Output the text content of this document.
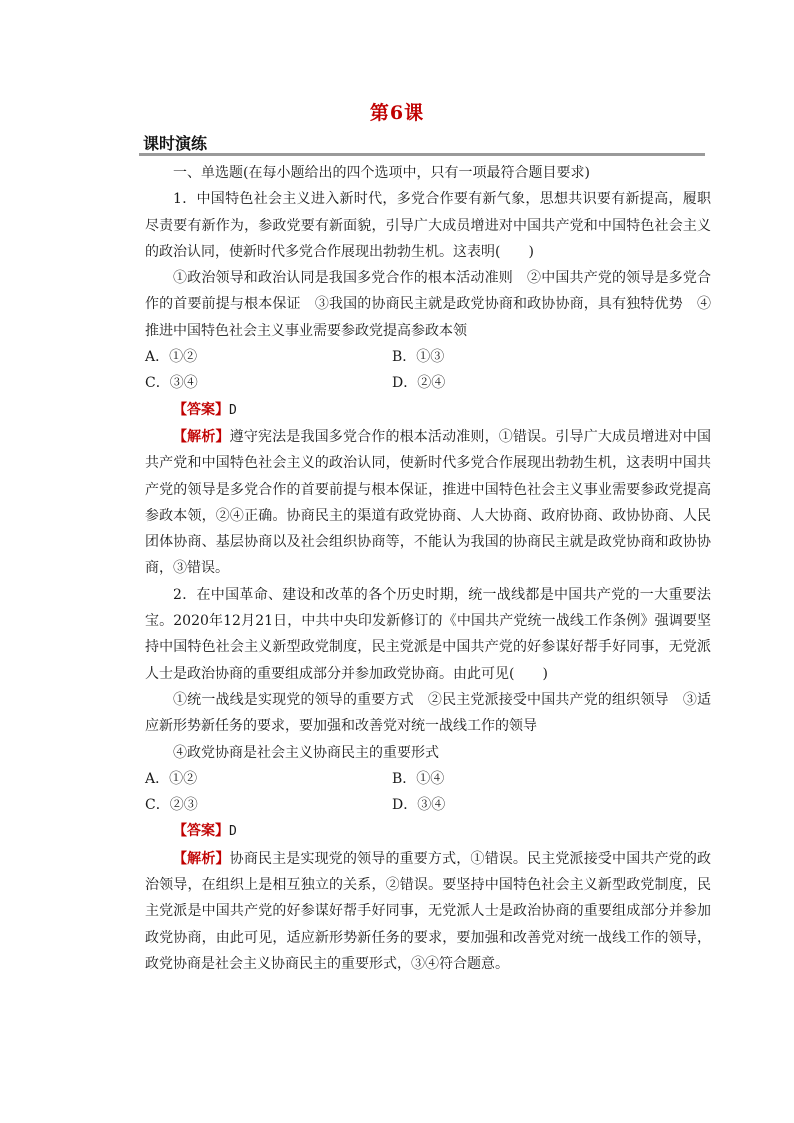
第6课
课时演练

一、单选题(在每小题给出的四个选项中，只有一项最符合题目要求)

1．中国特色社会主义进入新时代，多党合作要有新气象，思想共识要有新提高，履职尽责要有新作为，参政党要有新面貌，引导广大成员增进对中国共产党和中国特色社会主义的政治认同，使新时代多党合作展现出勃勃生机。这表明(　　)

①政治领导和政治认同是我国多党合作的根本活动准则　②中国共产党的领导是多党合作的首要前提与根本保证　③我国的协商民主就是政党协商和政协协商，具有独特优势　④推进中国特色社会主义事业需要参政党提高参政本领

A．①②	B．①③
C．③④	D．②④

【答案】D

【解析】遵守宪法是我国多党合作的根本活动准则，①错误。引导广大成员增进对中国共产党和中国特色社会主义的政治认同，使新时代多党合作展现出勃勃生机，这表明中国共产党的领导是多党合作的首要前提与根本保证，推进中国特色社会主义事业需要参政党提高参政本领，②④正确。协商民主的渠道有政党协商、人大协商、政府协商、政协协商、人民团体协商、基层协商以及社会组织协商等，不能认为我国的协商民主就是政党协商和政协协商，③错误。

2．在中国革命、建设和改革的各个历史时期，统一战线都是中国共产党的一大重要法宝。2020年12月21日，中共中央印发新修订的《中国共产党统一战线工作条例》强调要坚持中国特色社会主义新型政党制度，民主党派是中国共产党的好参谋好帮手好同事，无党派人士是政治协商的重要组成部分并参加政党协商。由此可见(　　)

①统一战线是实现党的领导的重要方式　②民主党派接受中国共产党的组织领导　③适应新形势新任务的要求，要加强和改善党对统一战线工作的领导

④政党协商是社会主义协商民主的重要形式

A．①②	B．①④
C．②③	D．③④

【答案】D

【解析】协商民主是实现党的领导的重要方式，①错误。民主党派接受中国共产党的政治领导，在组织上是相互独立的关系，②错误。要坚持中国特色社会主义新型政党制度，民主党派是中国共产党的好参谋好帮手好同事，无党派人士是政治协商的重要组成部分并参加政党协商，由此可见，适应新形势新任务的要求，要加强和改善党对统一战线工作的领导，政党协商是社会主义协商民主的重要形式，③④符合题意。
